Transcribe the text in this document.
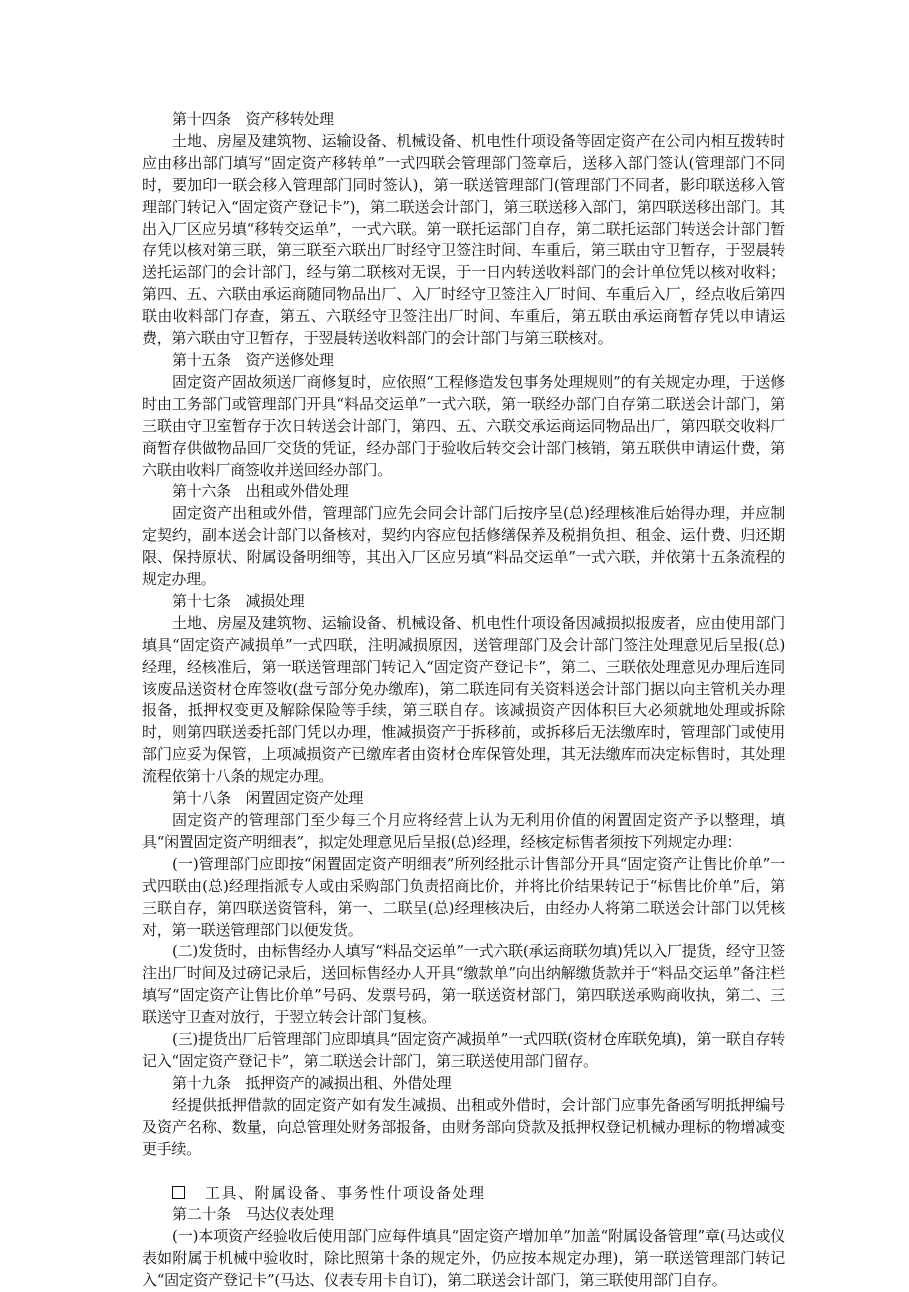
第十四条　资产移转处理

土地、房屋及建筑物、运输设备、机械设备、机电性什项设备等固定资产在公司内相互拨转时应由移出部门填写“固定资产移转单”一式四联会管理部门签章后，送移入部门签认(管理部门不同时，要加印一联会移入管理部门同时签认)，第一联送管理部门(管理部门不同者，影印联送移入管理部门转记入“固定资产登记卡”)，第二联送会计部门，第三联送移入部门，第四联送移出部门。其出入厂区应另填“移转交运单”，一式六联。第一联托运部门自存，第二联托运部门转送会计部门暂存凭以核对第三联，第三联至六联出厂时经守卫签注时间、车重后，第三联由守卫暂存，于翌晨转送托运部门的会计部门，经与第二联核对无误，于一日内转送收料部门的会计单位凭以核对收料；第四、五、六联由承运商随同物品出厂、入厂时经守卫签注入厂时间、车重后入厂，经点收后第四联由收料部门存查，第五、六联经守卫签注出厂时间、车重后，第五联由承运商暂存凭以申请运费，第六联由守卫暂存，于翌晨转送收料部门的会计部门与第三联核对。

第十五条　资产送修处理

固定资产固故须送厂商修复时，应依照“工程修造发包事务处理规则”的有关规定办理，于送修时由工务部门或管理部门开具“料品交运单”一式六联，第一联经办部门自存第二联送会计部门，第三联由守卫室暂存于次日转送会计部门，第四、五、六联交承运商运同物品出厂，第四联交收料厂商暂存供做物品回厂交货的凭证，经办部门于验收后转交会计部门核销，第五联供申请运什费，第六联由收料厂商签收并送回经办部门。

第十六条　出租或外借处理

固定资产出租或外借，管理部门应先会同会计部门后按序呈(总)经理核准后始得办理，并应制定契约，副本送会计部门以备核对，契约内容应包括修缮保养及税捐负担、租金、运什费、归还期限、保持原状、附属设备明细等，其出入厂区应另填“料品交运单”一式六联，并依第十五条流程的规定办理。

第十七条　减损处理

土地、房屋及建筑物、运输设备、机械设备、机电性什项设备因减损拟报废者，应由使用部门填具“固定资产减损单”一式四联，注明减损原因，送管理部门及会计部门签注处理意见后呈报(总)经理，经核准后，第一联送管理部门转记入“固定资产登记卡”，第二、三联依处理意见办理后连同该废品送资材仓库签收(盘亏部分免办缴库)，第二联连同有关资料送会计部门据以向主管机关办理报备，抵押权变更及解除保险等手续，第三联自存。该减损资产因体积巨大必须就地处理或拆除时，则第四联送委托部门凭以办理，惟减损资产于拆移前，或拆移后无法缴库时，管理部门或使用部门应妥为保管，上项减损资产已缴库者由资材仓库保管处理，其无法缴库而决定标售时，其处理流程依第十八条的规定办理。

第十八条　闲置固定资产处理

固定资产的管理部门至少每三个月应将经营上认为无利用价值的闲置固定资产予以整理，填具“闲置固定资产明细表”，拟定处理意见后呈报(总)经理，经核定标售者须按下列规定办理：

(一)管理部门应即按“闲置固定资产明细表”所列经批示计售部分开具“固定资产让售比价单”一式四联由(总)经理指派专人或由采购部门负责招商比价，并将比价结果转记于“标售比价单”后，第三联自存，第四联送资管科，第一、二联呈(总)经理核决后，由经办人将第二联送会计部门以凭核对，第一联送管理部门以便发货。

(二)发货时，由标售经办人填写“料品交运单”一式六联(承运商联勿填)凭以入厂提货，经守卫签注出厂时间及过磅记录后，送回标售经办人开具“缴款单”向出纳解缴货款并于“料品交运单”备注栏填写“固定资产让售比价单”号码、发票号码，第一联送资材部门，第四联送承购商收执，第二、三联送守卫查对放行，于翌立转会计部门复核。

(三)提货出厂后管理部门应即填具“固定资产减损单”一式四联(资材仓库联免填)，第一联自存转记入“固定资产登记卡”，第二联送会计部门，第三联送使用部门留存。

第十九条　抵押资产的减损出租、外借处理

经提供抵押借款的固定资产如有发生减损、出租或外借时，会计部门应事先备函写明抵押编号及资产名称、数量，向总管理处财务部报备，由财务部向贷款及抵押权登记机械办理标的物增减变更手续。

工具、附属设备、事务性什项设备处理

第二十条　马达仪表处理

(一)本项资产经验收后使用部门应每件填具“固定资产增加单”加盖“附属设备管理”章(马达或仪表如附属于机械中验收时，除比照第十条的规定外，仍应按本规定办理)，第一联送管理部门转记入“固定资产登记卡”(马达、仪表专用卡自订)，第二联送会计部门，第三联使用部门自存。
